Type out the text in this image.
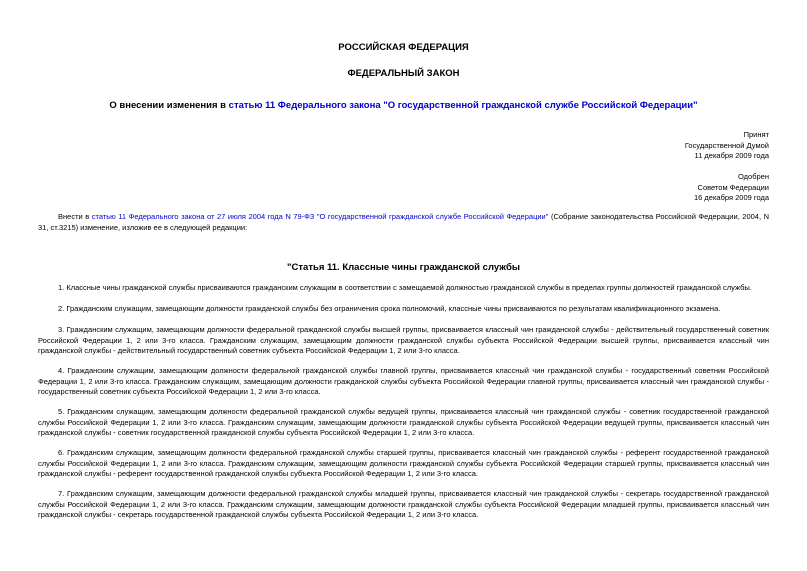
РОССИЙСКАЯ ФЕДЕРАЦИЯ
ФЕДЕРАЛЬНЫЙ ЗАКОН
О внесении изменения в статью 11 Федерального закона "О государственной гражданской службе Российской Федерации"
Принят
Государственной Думой
11 декабря 2009 года
Одобрен
Советом Федерации
16 декабря 2009 года
Внести в статью 11 Федерального закона от 27 июля 2004 года N 79-ФЗ "О государственной гражданской службе Российской Федерации" (Собрание законодательства Российской Федерации, 2004, N 31, ст.3215) изменение, изложив ее в следующей редакции:
"Статья 11. Классные чины гражданской службы
1. Классные чины гражданской службы присваиваются гражданским служащим в соответствии с замещаемой должностью гражданской службы в пределах группы должностей гражданской службы.
2. Гражданским служащим, замещающим должности гражданской службы без ограничения срока полномочий, классные чины присваиваются по результатам квалификационного экзамена.
3. Гражданским служащим, замещающим должности федеральной гражданской службы высшей группы, присваивается классный чин гражданской службы - действительный государственный советник Российской Федерации 1, 2 или 3-го класса. Гражданским служащим, замещающим должности гражданской службы субъекта Российской Федерации высшей группы, присваивается классный чин гражданской службы - действительный государственный советник субъекта Российской Федерации 1, 2 или 3-го класса.
4. Гражданским служащим, замещающим должности федеральной гражданской службы главной группы, присваивается классный чин гражданской службы - государственный советник Российской Федерации 1, 2 или 3-го класса. Гражданским служащим, замещающим должности гражданской службы субъекта Российской Федерации главной группы, присваивается классный чин гражданской службы - государственный советник субъекта Российской Федерации 1, 2 или 3-го класса.
5. Гражданским служащим, замещающим должности федеральной гражданской службы ведущей группы, присваивается классный чин гражданской службы - советник государственной гражданской службы Российской Федерации 1, 2 или 3-го класса. Гражданским служащим, замещающим должности гражданской службы субъекта Российской Федерации ведущей группы, присваивается классный чин гражданской службы - советник государственной гражданской службы субъекта Российской Федерации 1, 2 или 3-го класса.
6. Гражданским служащим, замещающим должности федеральной гражданской службы старшей группы, присваивается классный чин гражданской службы - референт государственной гражданской службы Российской Федерации 1, 2 или 3-го класса. Гражданским служащим, замещающим должности гражданской службы субъекта Российской Федерации старшей группы, присваивается классный чин гражданской службы - референт государственной гражданской службы субъекта Российской Федерации 1, 2 или 3-го класса.
7. Гражданским служащим, замещающим должности федеральной гражданской службы младшей группы, присваивается классный чин гражданской службы - секретарь государственной гражданской службы Российской Федерации 1, 2 или 3-го класса. Гражданским служащим, замещающим должности гражданской службы субъекта Российской Федерации младшей группы, присваивается классный чин гражданской службы - секретарь государственной гражданской службы субъекта Российской Федерации 1, 2 или 3-го класса.
